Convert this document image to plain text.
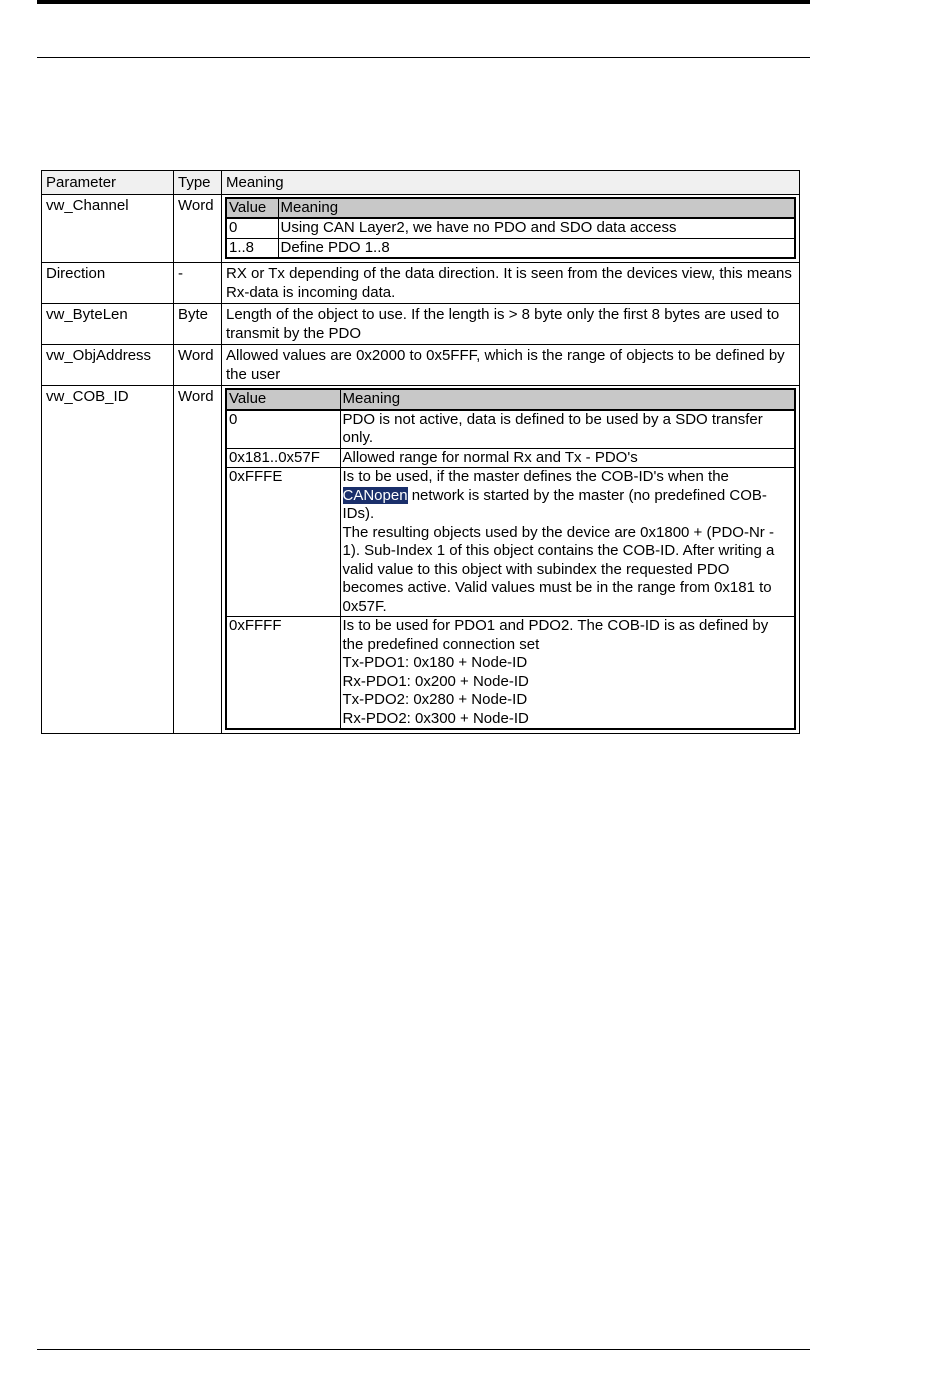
Parameter	Type	Meaning
vw_Channel	Word	Value	Meaning
0	Using CAN Layer2, we have no PDO and SDO data access
1..8	Define PDO 1..8

Direction	-	RX or Tx depending of the data direction. It is seen from the devices view, this means Rx-data is incoming data.
vw_ByteLen	Byte	Length of the object to use. If the length is > 8 byte only the first 8 bytes are used to transmit by the PDO
vw_ObjAddress	Word	Allowed values are 0x2000 to 0x5FFF, which is the range of objects to be defined by the user
vw_COB_ID	Word	Value	Meaning
0	PDO is not active, data is defined to be used by a SDO transfer only.
0x181..0x57F	Allowed range for normal Rx and Tx - PDO's
0xFFFE	Is to be used, if the master defines the COB-ID's when the CANopen network is started by the master (no predefined COB-IDs).
The resulting objects used by the device are 0x1800 + (PDO-Nr - 1). Sub-Index 1 of this object contains the COB-ID. After writing a valid value to this object with subindex the requested PDO becomes active. Valid values must be in the range from 0x181 to 0x57F.

0xFFFF	Is to be used for PDO1 and PDO2. The COB-ID is as defined by the predefined connection set
Tx-PDO1: 0x180 + Node-ID
Rx-PDO1: 0x200 + Node-ID
Tx-PDO2: 0x280 + Node-ID
Rx-PDO2: 0x300 + Node-ID
